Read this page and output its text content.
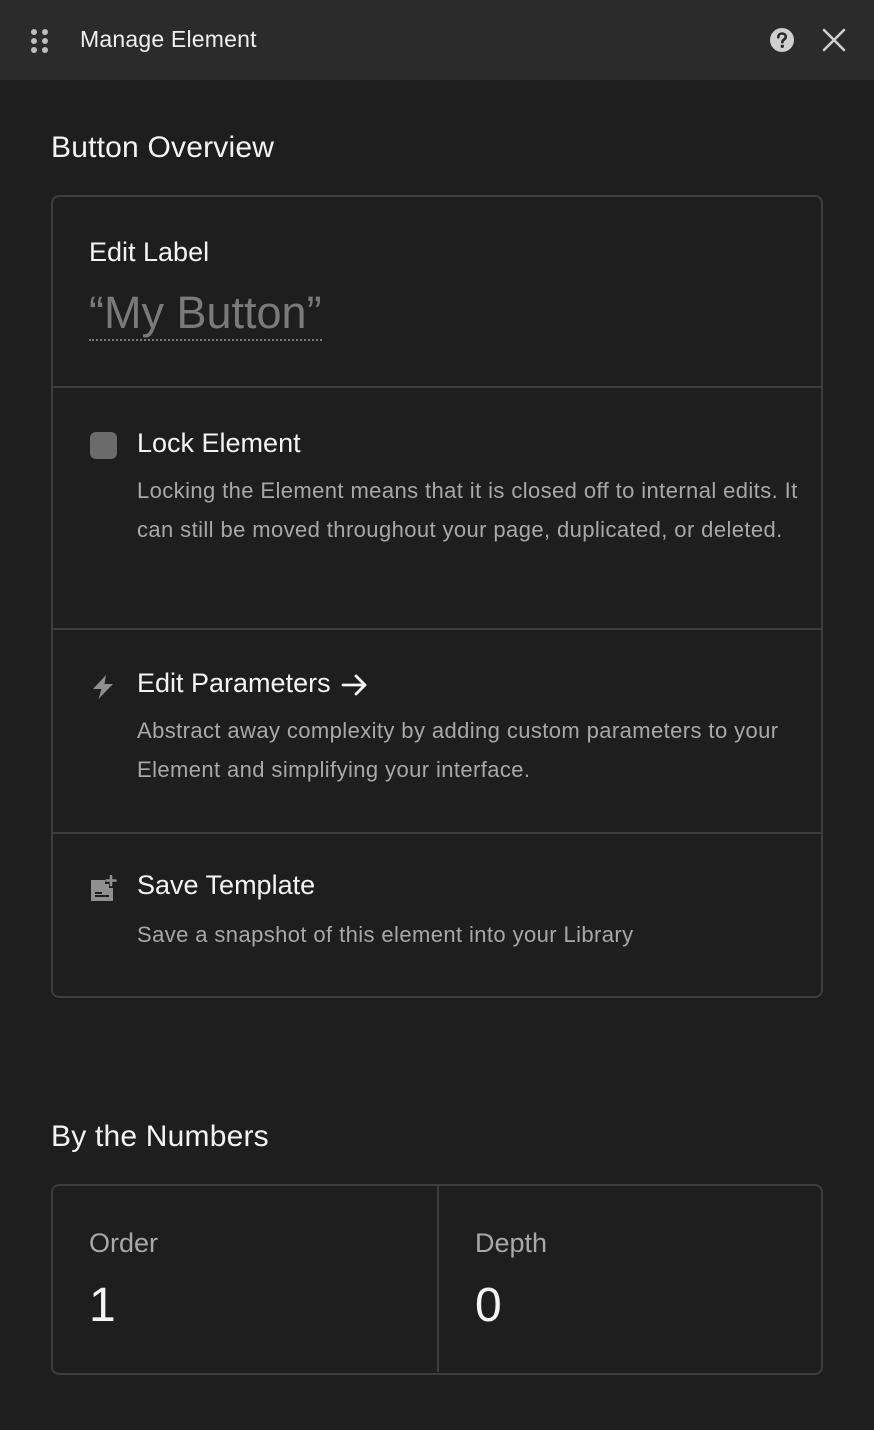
Manage Element
Button Overview
Edit Label
“My Button”
Lock Element
Locking the Element means that it is closed off to internal edits. It can still be moved throughout your page, duplicated, or deleted.
Edit Parameters
Abstract away complexity by adding custom parameters to your Element and simplifying your interface.
Save Template
Save a snapshot of this element into your Library
By the Numbers
Order
1
Depth
0
